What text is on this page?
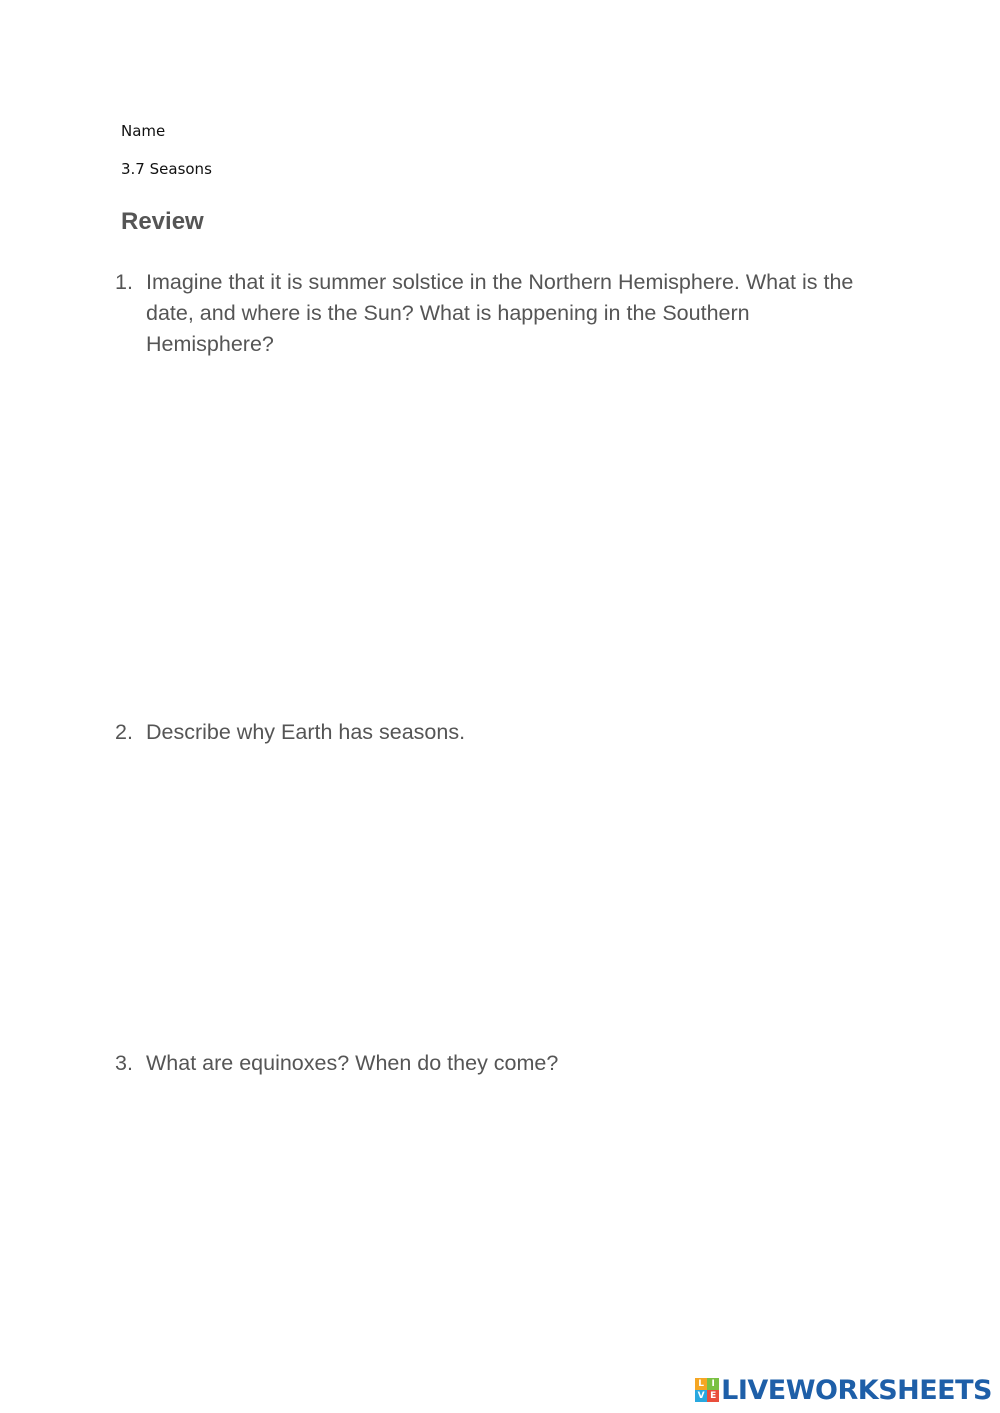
Name
3.7 Seasons
Review
1. Imagine that it is summer solstice in the Northern Hemisphere. What is the date, and where is the Sun? What is happening in the Southern Hemisphere?
2. Describe why Earth has seasons.
3. What are equinoxes? When do they come?
L I
V E LIVEWORKSHEETS
